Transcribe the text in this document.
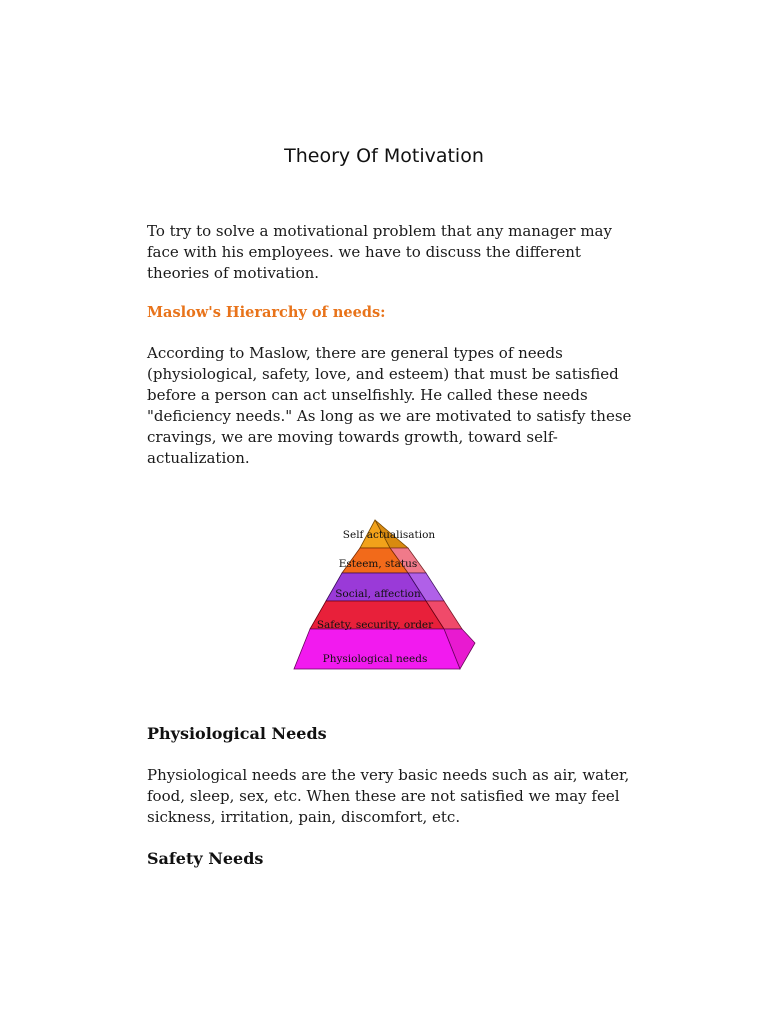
Theory Of Motivation

To try to solve a motivational problem that any manager may face with his employees. we have to discuss the different theories of motivation.

Maslow's Hierarchy of needs:

According to Maslow, there are general types of needs (physiological, safety, love, and esteem) that must be satisfied before a person can act unselfishly. He called these needs "deficiency needs." As long as we are motivated to satisfy these cravings, we are moving towards growth, toward self-actualization.

Self actualisation
Esteem, status
Social, affection
Safety, security, order
Physiological needs
Physiological Needs

Physiological needs are the very basic needs such as air, water, food, sleep, sex, etc. When these are not satisfied we may feel sickness, irritation, pain, discomfort, etc.

Safety Needs
